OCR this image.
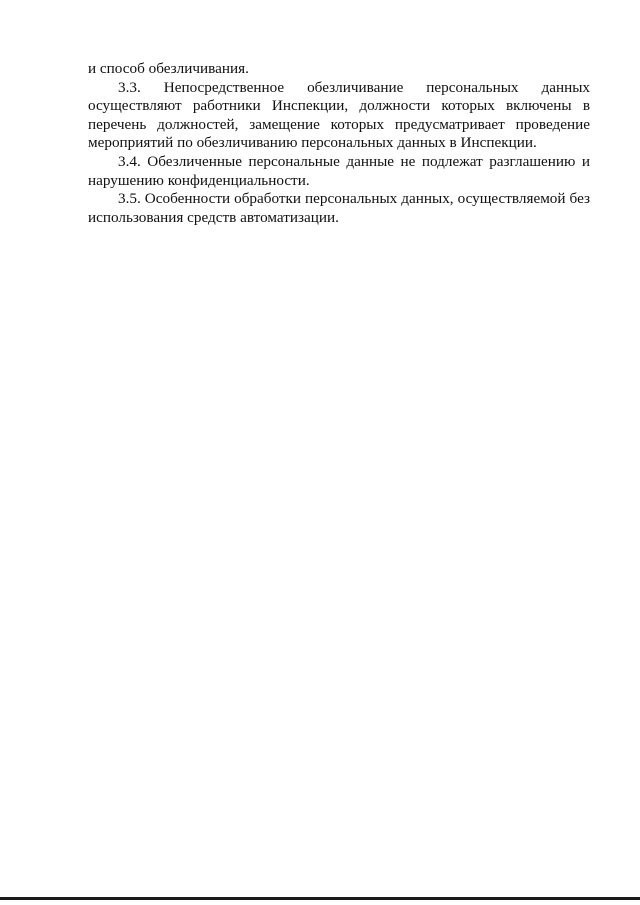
и способ обезличивания.

3.3. Непосредственное обезличивание персональных данных осуществляют работники Инспекции, должности которых включены в перечень должностей, замещение которых предусматривает проведение мероприятий по обезличиванию персональных данных в Инспекции.

3.4. Обезличенные персональные данные не подлежат разглашению и нарушению конфиденциальности.

3.5. Особенности обработки персональных данных, осуществляемой без использования средств автоматизации.
